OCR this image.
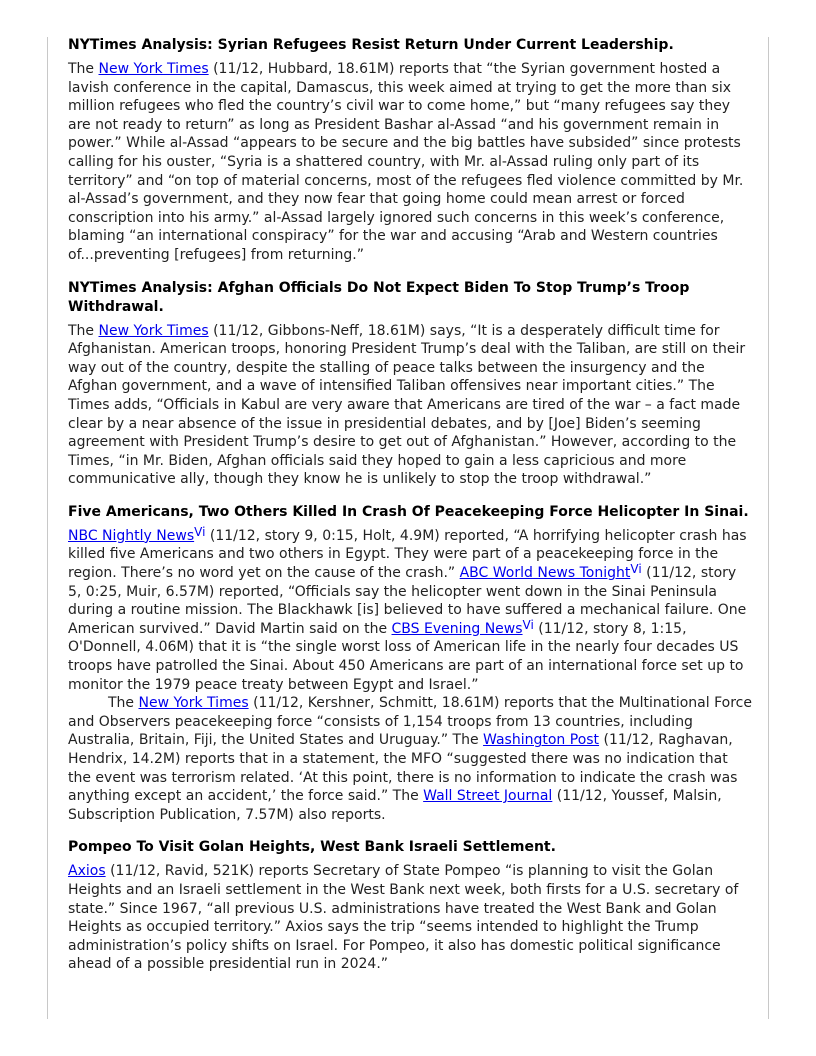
NYTimes Analysis: Syrian Refugees Resist Return Under Current Leadership.

The New York Times (11/12, Hubbard, 18.61M) reports that “the Syrian government hosted a lavish conference in the capital, Damascus, this week aimed at trying to get the more than six million refugees who fled the country’s civil war to come home,” but “many refugees say they are not ready to return” as long as President Bashar al-Assad “and his government remain in power.” While al-Assad “appears to be secure and the big battles have subsided” since protests calling for his ouster, “Syria is a shattered country, with Mr. al-Assad ruling only part of its territory” and “on top of material concerns, most of the refugees fled violence committed by Mr. al-Assad’s government, and they now fear that going home could mean arrest or forced conscription into his army.” al-Assad largely ignored such concerns in this week’s conference, blaming “an international conspiracy” for the war and accusing “Arab and Western countries of...preventing [refugees] from returning.”

NYTimes Analysis: Afghan Officials Do Not Expect Biden To Stop Trump’s Troop Withdrawal.

The New York Times (11/12, Gibbons-Neff, 18.61M) says, “It is a desperately difficult time for Afghanistan. American troops, honoring President Trump’s deal with the Taliban, are still on their way out of the country, despite the stalling of peace talks between the insurgency and the Afghan government, and a wave of intensified Taliban offensives near important cities.” The Times adds, “Officials in Kabul are very aware that Americans are tired of the war – a fact made clear by a near absence of the issue in presidential debates, and by [Joe] Biden’s seeming agreement with President Trump’s desire to get out of Afghanistan.” However, according to the Times, “in Mr. Biden, Afghan officials said they hoped to gain a less capricious and more communicative ally, though they know he is unlikely to stop the troop withdrawal.”

Five Americans, Two Others Killed In Crash Of Peacekeeping Force Helicopter In Sinai.

NBC Nightly News$^{Vi}$ (11/12, story 9, 0:15, Holt, 4.9M) reported, “A horrifying helicopter crash has killed five Americans and two others in Egypt. They were part of a peacekeeping force in the region. There’s no word yet on the cause of the crash.” ABC World News Tonight$^{Vi}$ (11/12, story 5, 0:25, Muir, 6.57M) reported, “Officials say the helicopter went down in the Sinai Peninsula during a routine mission. The Blackhawk [is] believed to have suffered a mechanical failure. One American survived.” David Martin said on the CBS Evening News$^{Vi}$ (11/12, story 8, 1:15, O'Donnell, 4.06M) that it is “the single worst loss of American life in the nearly four decades US troops have patrolled the Sinai. About 450 Americans are part of an international force set up to monitor the 1979 peace treaty between Egypt and Israel.”

The New York Times (11/12, Kershner, Schmitt, 18.61M) reports that the Multinational Force and Observers peacekeeping force “consists of 1,154 troops from 13 countries, including Australia, Britain, Fiji, the United States and Uruguay.” The Washington Post (11/12, Raghavan, Hendrix, 14.2M) reports that in a statement, the MFO “suggested there was no indication that the event was terrorism related. ‘At this point, there is no information to indicate the crash was anything except an accident,’ the force said.” The Wall Street Journal (11/12, Youssef, Malsin, Subscription Publication, 7.57M) also reports.

Pompeo To Visit Golan Heights, West Bank Israeli Settlement.

Axios (11/12, Ravid, 521K) reports Secretary of State Pompeo “is planning to visit the Golan Heights and an Israeli settlement in the West Bank next week, both firsts for a U.S. secretary of state.” Since 1967, “all previous U.S. administrations have treated the West Bank and Golan Heights as occupied territory.” Axios says the trip “seems intended to highlight the Trump administration’s policy shifts on Israel. For Pompeo, it also has domestic political significance ahead of a possible presidential run in 2024.”
